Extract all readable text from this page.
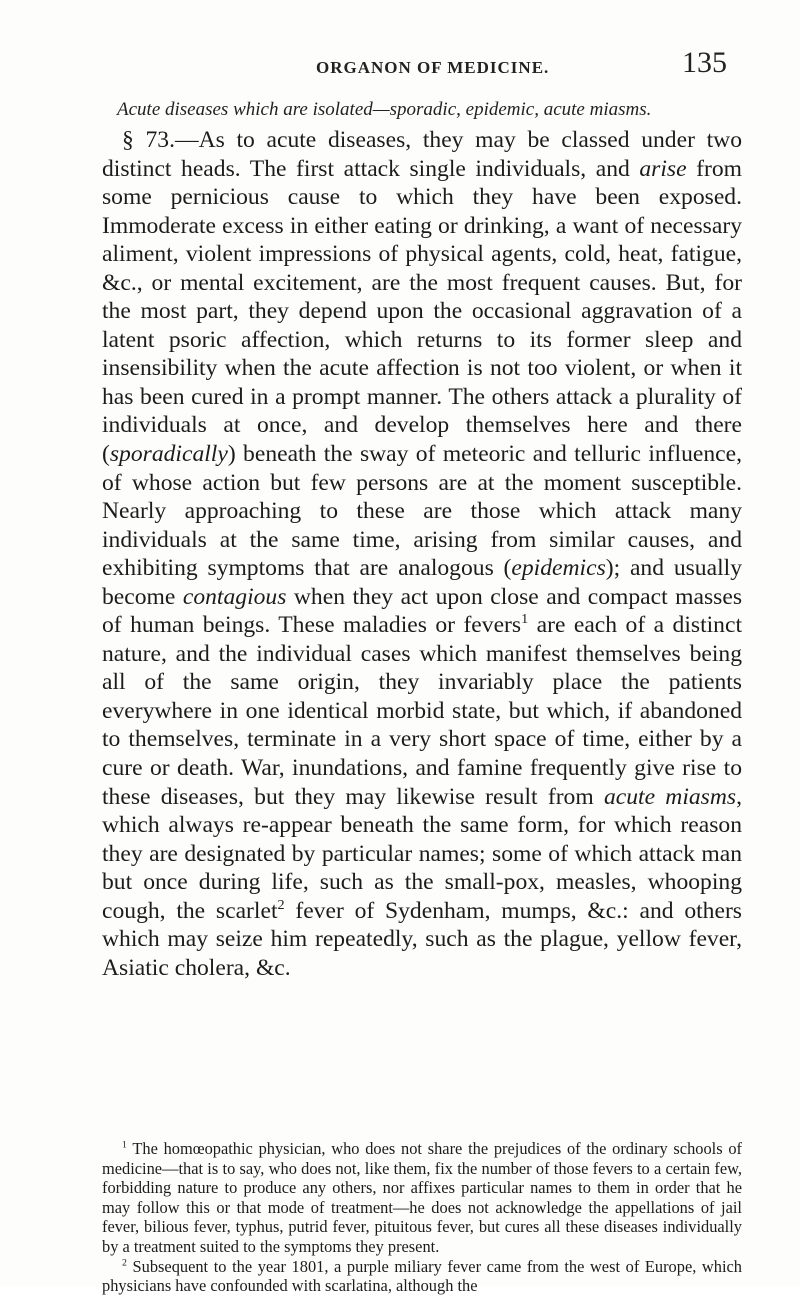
ORGANON OF MEDICINE.	135
Acute diseases which are isolated—sporadic, epidemic, acute miasms.

§ 73.—As to acute diseases, they may be classed under two distinct heads. The first attack single individuals, and arise from some pernicious cause to which they have been exposed. Immoderate excess in either eating or drinking, a want of necessary aliment, violent impressions of physical agents, cold, heat, fatigue, &c., or mental excitement, are the most frequent causes. But, for the most part, they depend upon the occasional aggravation of a latent psoric affection, which returns to its former sleep and insensibility when the acute affection is not too violent, or when it has been cured in a prompt manner. The others attack a plurality of individuals at once, and develop themselves here and there (sporadically) beneath the sway of meteoric and telluric influence, of whose action but few persons are at the moment susceptible. Nearly approaching to these are those which attack many individuals at the same time, arising from similar causes, and exhibiting symptoms that are analogous (epidemics); and usually become contagious when they act upon close and compact masses of human beings. These maladies or fevers$^1$ are each of a distinct nature, and the individual cases which manifest themselves being all of the same origin, they invariably place the patients everywhere in one identical morbid state, but which, if abandoned to themselves, terminate in a very short space of time, either by a cure or death. War, inundations, and famine frequently give rise to these diseases, but they may likewise result from acute miasms, which always re-appear beneath the same form, for which reason they are designated by particular names; some of which attack man but once during life, such as the small-pox, measles, whooping cough, the scarlet$^2$ fever of Sydenham, mumps, &c.: and others which may seize him repeatedly, such as the plague, yellow fever, Asiatic cholera, &c.

$^1$ The homœopathic physician, who does not share the prejudices of the ordinary schools of medicine—that is to say, who does not, like them, fix the number of those fevers to a certain few, forbidding nature to produce any others, nor affixes particular names to them in order that he may follow this or that mode of treatment—he does not acknowledge the appellations of jail fever, bilious fever, typhus, putrid fever, pituitous fever, but cures all these diseases individually by a treatment suited to the symptoms they present.

$^2$ Subsequent to the year 1801, a purple miliary fever came from the west of Europe, which physicians have confounded with scarlatina, although the
